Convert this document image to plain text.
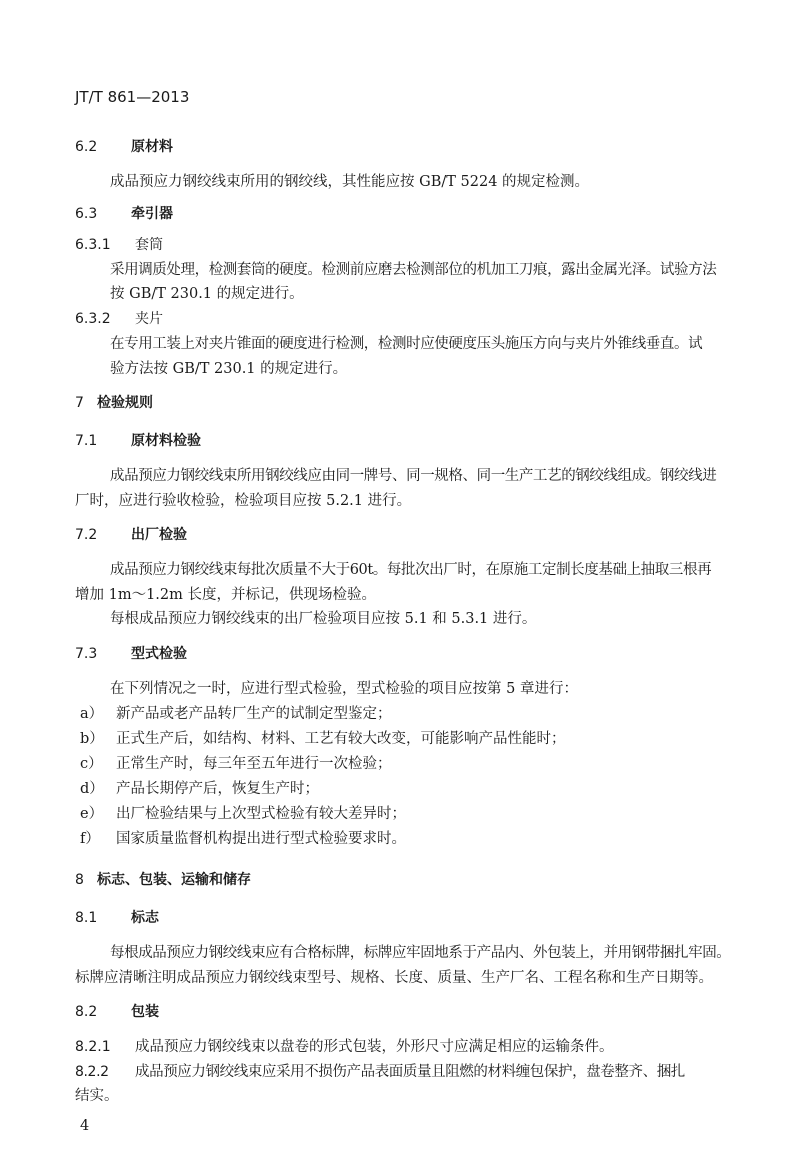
JT/T 861—2013
6.2 原材料
成品预应力钢绞线束所用的钢绞线，其性能应按 GB/T 5224 的规定检测。
6.3 牵引器
6.3.1 套筒
采用调质处理，检测套筒的硬度。检测前应磨去检测部位的机加工刀痕，露出金属光泽。试验方法
按 GB/T 230.1 的规定进行。
6.3.2 夹片
在专用工装上对夹片锥面的硬度进行检测，检测时应使硬度压头施压方向与夹片外锥线垂直。试
验方法按 GB/T 230.1 的规定进行。
7 检验规则
7.1 原材料检验
成品预应力钢绞线束所用钢绞线应由同一牌号、同一规格、同一生产工艺的钢绞线组成。钢绞线进
厂时，应进行验收检验，检验项目应按 5.2.1 进行。
7.2 出厂检验
成品预应力钢绞线束每批次质量不大于60t。每批次出厂时，在原施工定制长度基础上抽取三根再
增加 1m～1.2m 长度，并标记，供现场检验。
每根成品预应力钢绞线束的出厂检验项目应按 5.1 和 5.3.1 进行。
7.3 型式检验
在下列情况之一时，应进行型式检验，型式检验的项目应按第 5 章进行：
a） 新产品或老产品转厂生产的试制定型鉴定；
b） 正式生产后，如结构、材料、工艺有较大改变，可能影响产品性能时；
c） 正常生产时，每三年至五年进行一次检验；
d） 产品长期停产后，恢复生产时；
e） 出厂检验结果与上次型式检验有较大差异时；
f） 国家质量监督机构提出进行型式检验要求时。
8 标志、包装、运输和储存
8.1 标志
每根成品预应力钢绞线束应有合格标牌，标牌应牢固地系于产品内、外包装上，并用钢带捆扎牢固。
标牌应清晰注明成品预应力钢绞线束型号、规格、长度、质量、生产厂名、工程名称和生产日期等。
8.2 包装
8.2.1 成品预应力钢绞线束以盘卷的形式包装，外形尺寸应满足相应的运输条件。
8.2.2 成品预应力钢绞线束应采用不损伤产品表面质量且阻燃的材料缠包保护，盘卷整齐、捆扎
结实。
4
